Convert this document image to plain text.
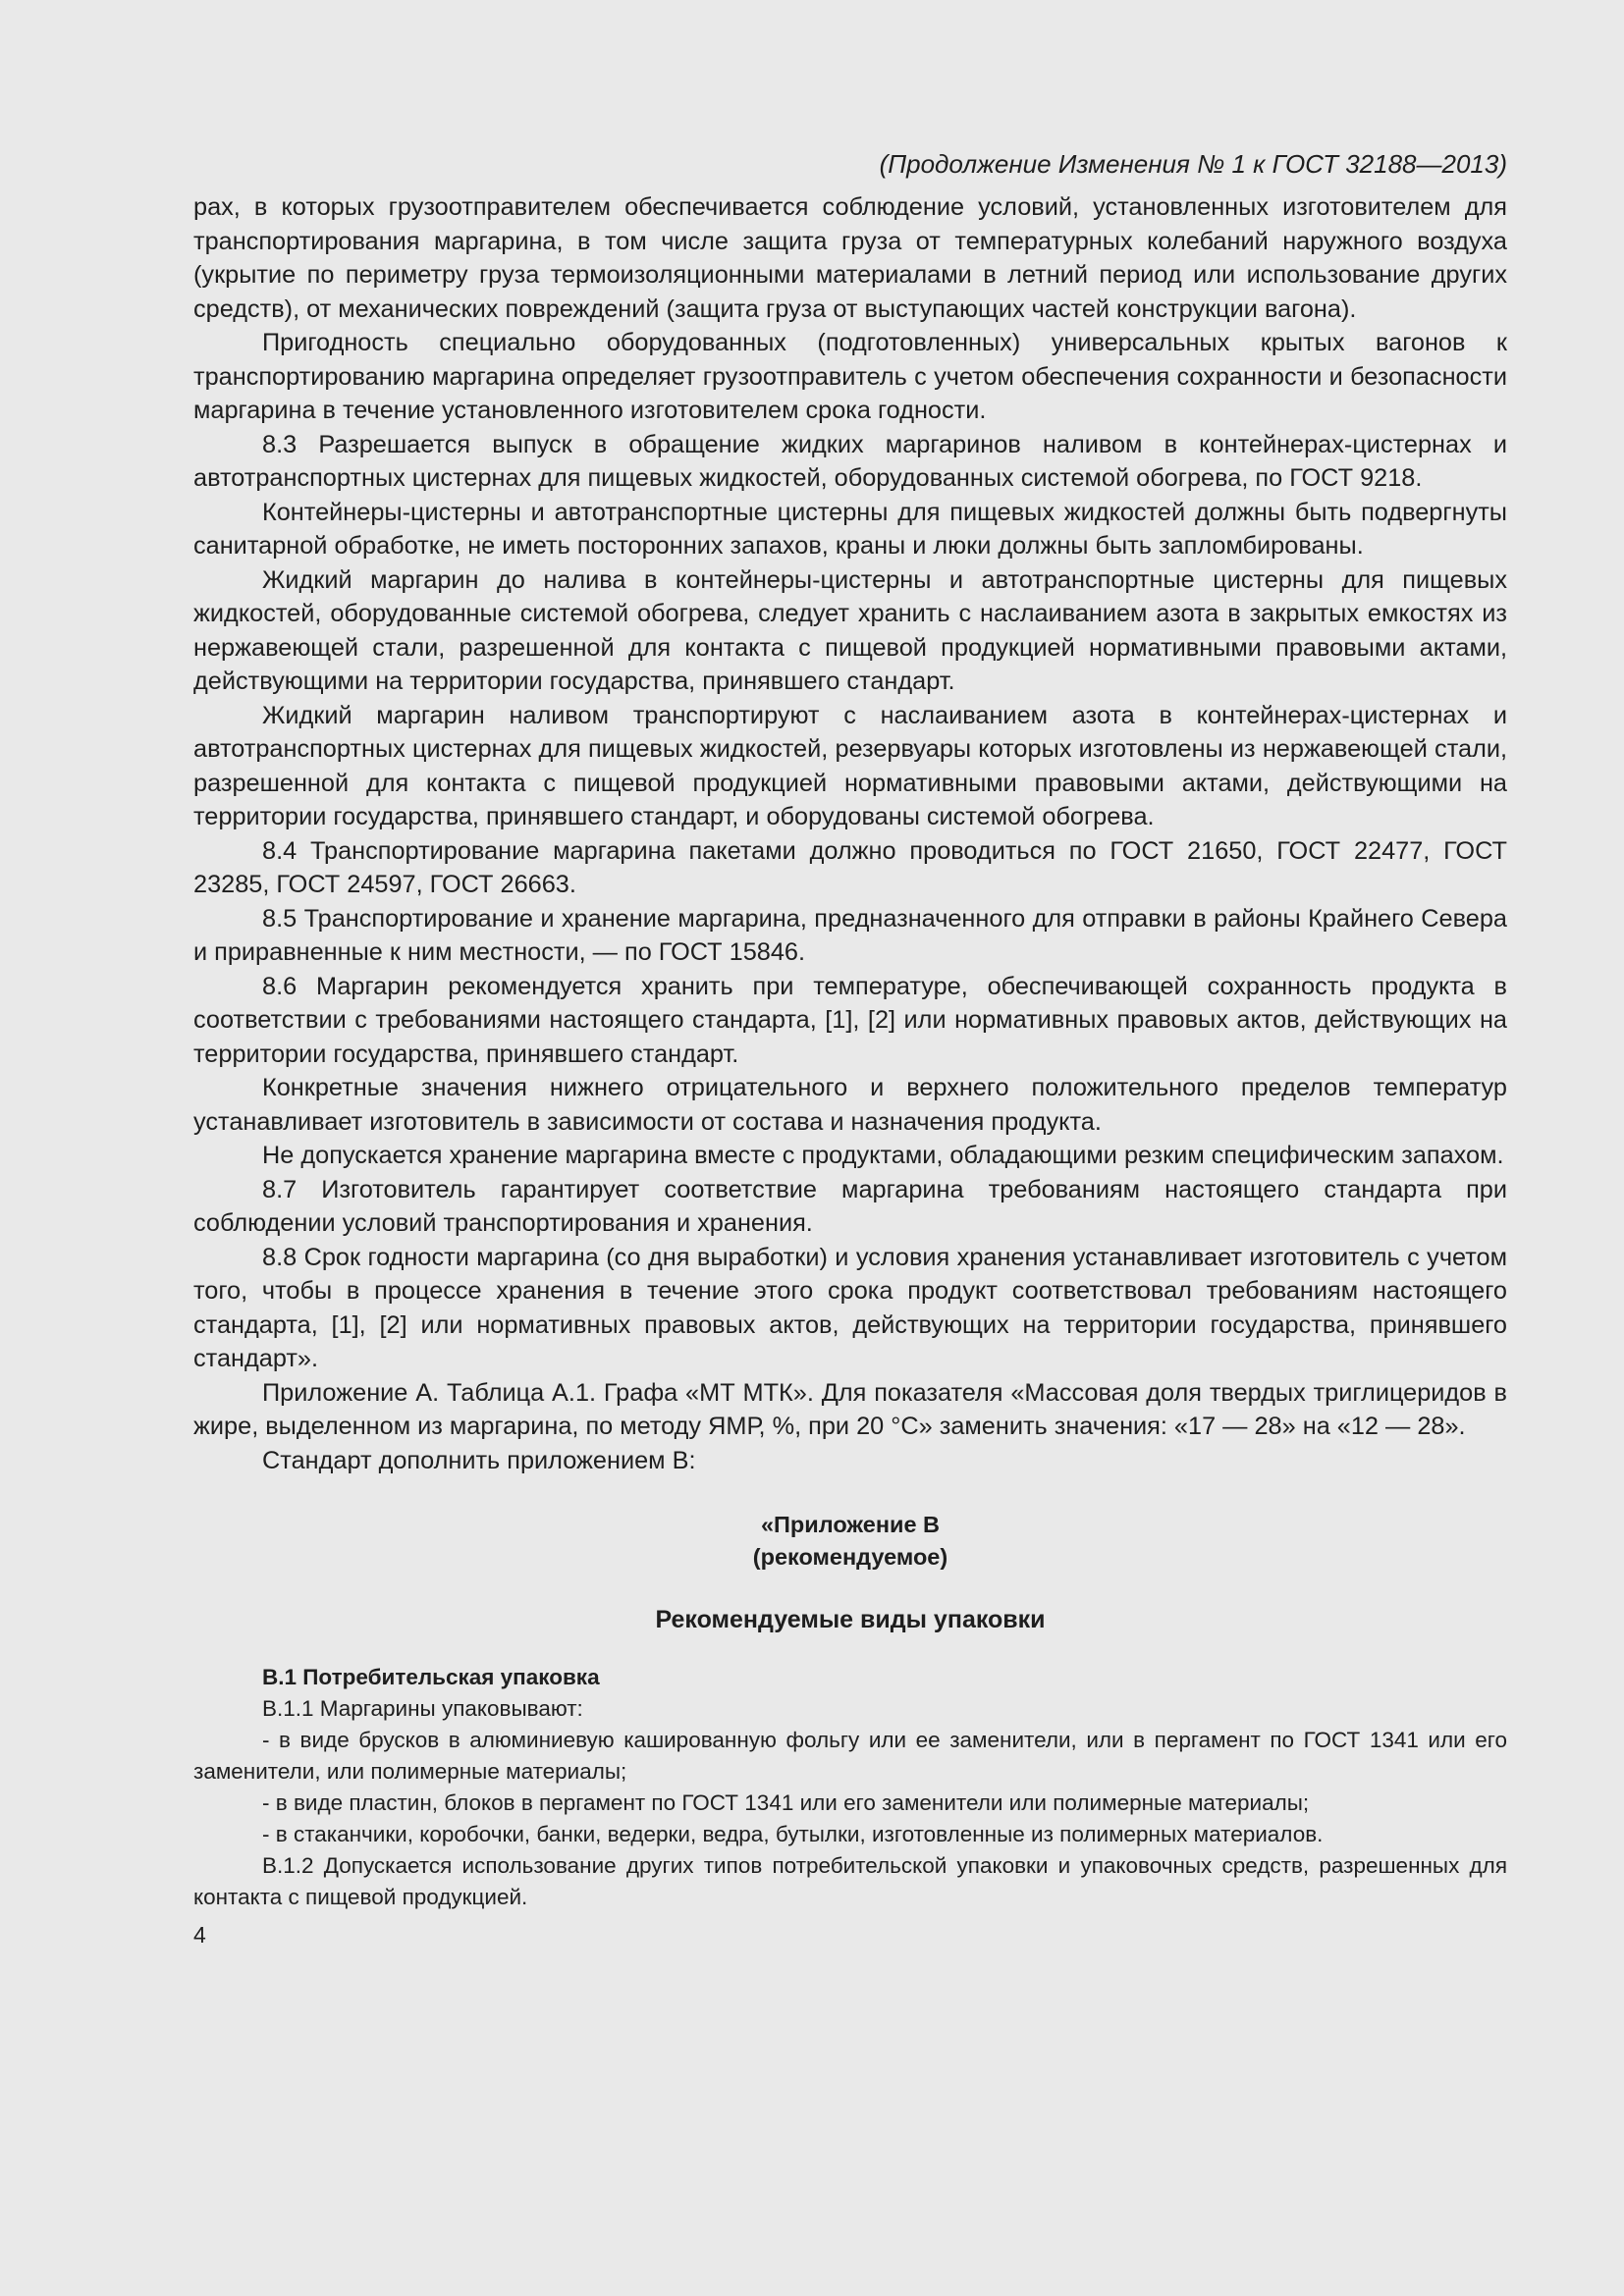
(Продолжение Изменения № 1 к ГОСТ 32188—2013)

рах, в которых грузоотправителем обеспечивается соблюдение условий, установленных изготовителем для транспортирования маргарина, в том числе защита груза от температурных колебаний наружного воздуха (укрытие по периметру груза термоизоляционными материалами в летний период или использование других средств), от механических повреждений (защита груза от выступающих частей конструкции вагона).

Пригодность специально оборудованных (подготовленных) универсальных крытых вагонов к транспортированию маргарина определяет грузоотправитель с учетом обеспечения сохранности и безопасности маргарина в течение установленного изготовителем срока годности.

8.3 Разрешается выпуск в обращение жидких маргаринов наливом в контейнерах-цистернах и автотранспортных цистернах для пищевых жидкостей, оборудованных системой обогрева, по ГОСТ 9218.

Контейнеры-цистерны и автотранспортные цистерны для пищевых жидкостей должны быть подвергнуты санитарной обработке, не иметь посторонних запахов, краны и люки должны быть запломбированы.

Жидкий маргарин до налива в контейнеры-цистерны и автотранспортные цистерны для пищевых жидкостей, оборудованные системой обогрева, следует хранить с наслаиванием азота в закрытых емкостях из нержавеющей стали, разрешенной для контакта с пищевой продукцией нормативными правовыми актами, действующими на территории государства, принявшего стандарт.

Жидкий маргарин наливом транспортируют с наслаиванием азота в контейнерах-цистернах и автотранспортных цистернах для пищевых жидкостей, резервуары которых изготовлены из нержавеющей стали, разрешенной для контакта с пищевой продукцией нормативными правовыми актами, действующими на территории государства, принявшего стандарт, и оборудованы системой обогрева.

8.4 Транспортирование маргарина пакетами должно проводиться по ГОСТ 21650, ГОСТ 22477, ГОСТ 23285, ГОСТ 24597, ГОСТ 26663.

8.5 Транспортирование и хранение маргарина, предназначенного для отправки в районы Крайнего Севера и приравненные к ним местности, — по ГОСТ 15846.

8.6 Маргарин рекомендуется хранить при температуре, обеспечивающей сохранность продукта в соответствии с требованиями настоящего стандарта, [1], [2] или нормативных правовых актов, действующих на территории государства, принявшего стандарт.

Конкретные значения нижнего отрицательного и верхнего положительного пределов температур устанавливает изготовитель в зависимости от состава и назначения продукта.

Не допускается хранение маргарина вместе с продуктами, обладающими резким специфическим запахом.

8.7 Изготовитель гарантирует соответствие маргарина требованиям настоящего стандарта при соблюдении условий транспортирования и хранения.

8.8 Срок годности маргарина (со дня выработки) и условия хранения устанавливает изготовитель с учетом того, чтобы в процессе хранения в течение этого срока продукт соответствовал требованиям настоящего стандарта, [1], [2] или нормативных правовых актов, действующих на территории государства, принявшего стандарт».

Приложение А. Таблица А.1. Графа «МТ МТК». Для показателя «Массовая доля твердых триглицеридов в жире, выделенном из маргарина, по методу ЯМР, %, при 20 °С» заменить значения: «17 — 28» на «12 — 28».

Стандарт дополнить приложением В:

«Приложение В
(рекомендуемое)
Рекомендуемые виды упаковки

В.1 Потребительская упаковка

В.1.1 Маргарины упаковывают:

- в виде брусков в алюминиевую кашированную фольгу или ее заменители, или в пергамент по ГОСТ 1341 или его заменители, или полимерные материалы;

- в виде пластин, блоков в пергамент по ГОСТ 1341 или его заменители или полимерные материалы;

- в стаканчики, коробочки, банки, ведерки, ведра, бутылки, изготовленные из полимерных материалов.

В.1.2 Допускается использование других типов потребительской упаковки и упаковочных средств, разрешенных для контакта с пищевой продукцией.

4
